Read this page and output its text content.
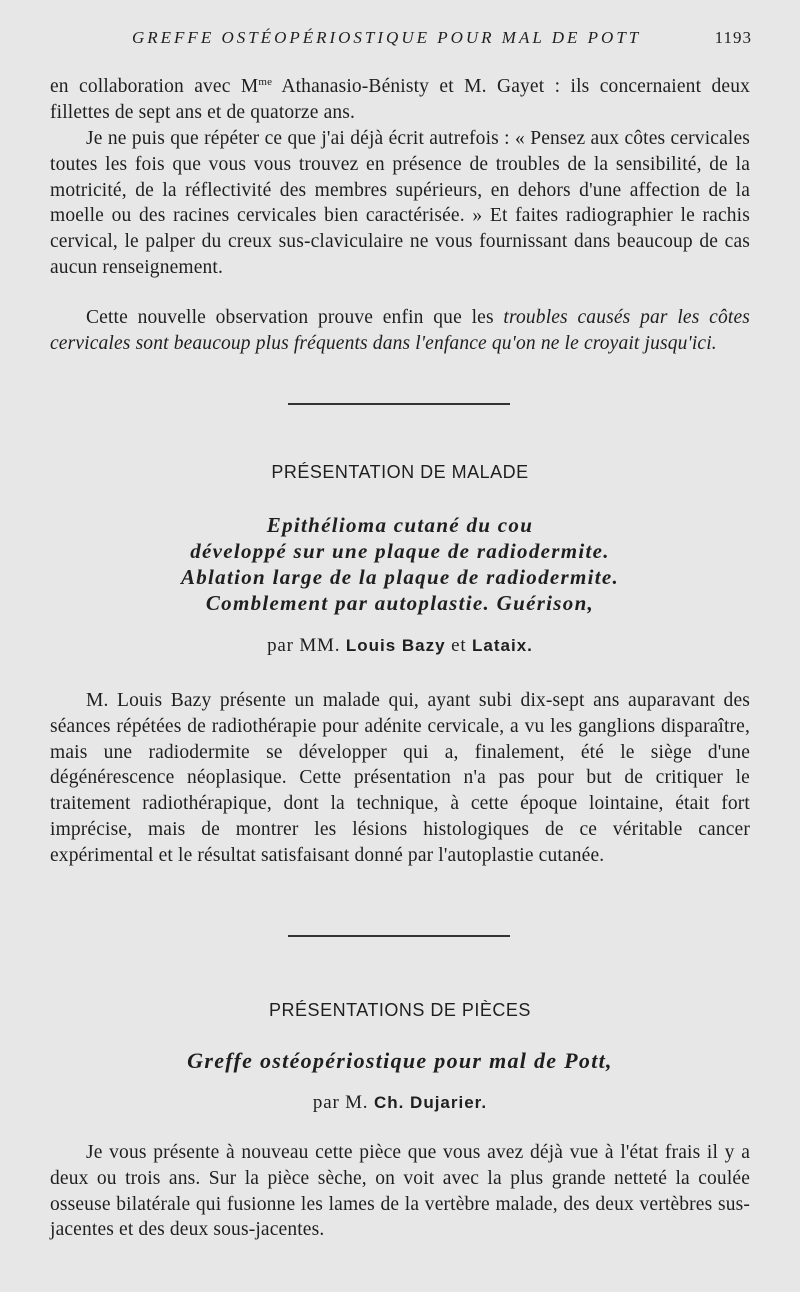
GREFFE OSTÉOPÉRIOSTIQUE POUR MAL DE POTT	1193
en collaboration avec $M^{me}$ Athanasio-Bénisty et M. Gayet : ils concernaient deux fillettes de sept ans et de quatorze ans.
Je ne puis que répéter ce que j'ai déjà écrit autrefois : « Pensez aux côtes cervicales toutes les fois que vous vous trouvez en présence de troubles de la sensibilité, de la motricité, de la réflectivité des membres supérieurs, en dehors d'une affection de la moelle ou des racines cervicales bien caractérisée. » Et faites radiographier le rachis cervical, le palper du creux sus-claviculaire ne vous fournissant dans beaucoup de cas aucun renseignement.
Cette nouvelle observation prouve enfin que les troubles causés par les côtes cervicales sont beaucoup plus fréquents dans l'enfance qu'on ne le croyait jusqu'ici.
PRÉSENTATION DE MALADE
Epithélioma cutané du cou
développé sur une plaque de radiodermite.
Ablation large de la plaque de radiodermite.
Comblement par autoplastie. Guérison,
par MM. Louis Bazy et Lataix.
M. Louis Bazy présente un malade qui, ayant subi dix-sept ans auparavant des séances répétées de radiothérapie pour adénite cervicale, a vu les ganglions disparaître, mais une radiodermite se développer qui a, finalement, été le siège d'une dégénérescence néoplasique. Cette présentation n'a pas pour but de critiquer le traitement radiothérapique, dont la technique, à cette époque lointaine, était fort imprécise, mais de montrer les lésions histologiques de ce véritable cancer expérimental et le résultat satisfaisant donné par l'autoplastie cutanée.
PRÉSENTATIONS DE PIÈCES
Greffe ostéopériostique pour mal de Pott,
par M. Ch. Dujarier.
Je vous présente à nouveau cette pièce que vous avez déjà vue à l'état frais il y a deux ou trois ans. Sur la pièce sèche, on voit avec la plus grande netteté la coulée osseuse bilatérale qui fusionne les lames de la vertèbre malade, des deux vertèbres sus-jacentes et des deux sous-jacentes.
